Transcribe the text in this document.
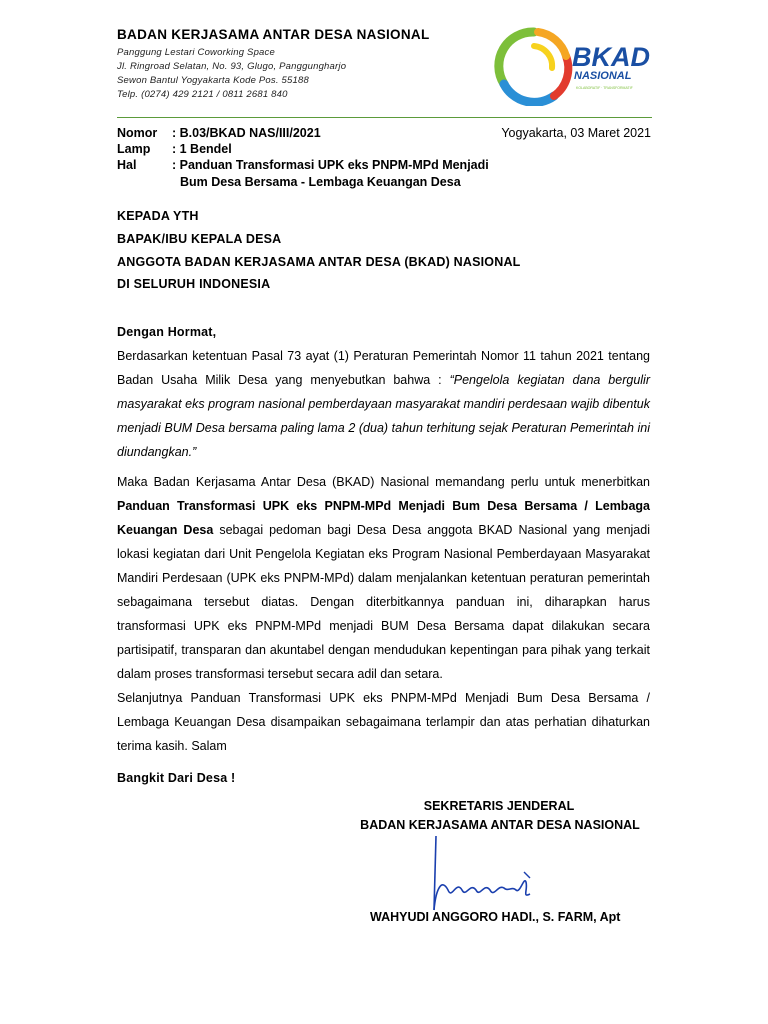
BADAN KERJASAMA ANTAR DESA NASIONAL
Panggung Lestari Coworking Space
Jl. Ringroad Selatan, No. 93, Glugo, Panggungharjo
Sewon Bantul Yogyakarta Kode Pos. 55188
Telp. (0274) 429 2121 / 0811 2681 840
BKAD
NASIONAL
KOLABORATIF · TRANSFORMATIF
Nomor : B.03/BKAD NAS/III/2021	Yogyakarta, 03 Maret 2021
Lamp : 1 Bendel
Hal	: Panduan Transformasi UPK eks PNPM-MPd Menjadi
Bum Desa Bersama - Lembaga Keuangan Desa
KEPADA YTH
BAPAK/IBU KEPALA DESA
ANGGOTA BADAN KERJASAMA ANTAR DESA (BKAD) NASIONAL
DI SELURUH INDONESIA
Dengan Hormat,
Berdasarkan ketentuan Pasal 73 ayat (1) Peraturan Pemerintah Nomor 11 tahun 2021 tentang Badan Usaha Milik Desa yang menyebutkan bahwa : “Pengelola kegiatan dana bergulir masyarakat eks program nasional pemberdayaan masyarakat mandiri perdesaan wajib dibentuk menjadi BUM Desa bersama paling lama 2 (dua) tahun terhitung sejak Peraturan Pemerintah ini diundangkan.”
Maka Badan Kerjasama Antar Desa (BKAD) Nasional memandang perlu untuk menerbitkan Panduan Transformasi UPK eks PNPM-MPd Menjadi Bum Desa Bersama / Lembaga Keuangan Desa sebagai pedoman bagi Desa Desa anggota BKAD Nasional yang menjadi lokasi kegiatan dari Unit Pengelola Kegiatan eks Program Nasional Pemberdayaan Masyarakat Mandiri Perdesaan (UPK eks PNPM-MPd) dalam menjalankan ketentuan peraturan pemerintah sebagaimana tersebut diatas. Dengan diterbitkannya panduan ini, diharapkan harus transformasi UPK eks PNPM-MPd menjadi BUM Desa Bersama dapat dilakukan secara partisipatif, transparan dan akuntabel dengan mendudukan kepentingan para pihak yang terkait dalam proses transformasi tersebut secara adil dan setara.
Selanjutnya Panduan Transformasi UPK eks PNPM-MPd Menjadi Bum Desa Bersama / Lembaga Keuangan Desa disampaikan sebagaimana terlampir dan atas perhatian dihaturkan terima kasih. Salam
Bangkit Dari Desa !
SEKRETARIS JENDERAL
BADAN KERJASAMA ANTAR DESA NASIONAL
WAHYUDI ANGGORO HADI., S. FARM, Apt
